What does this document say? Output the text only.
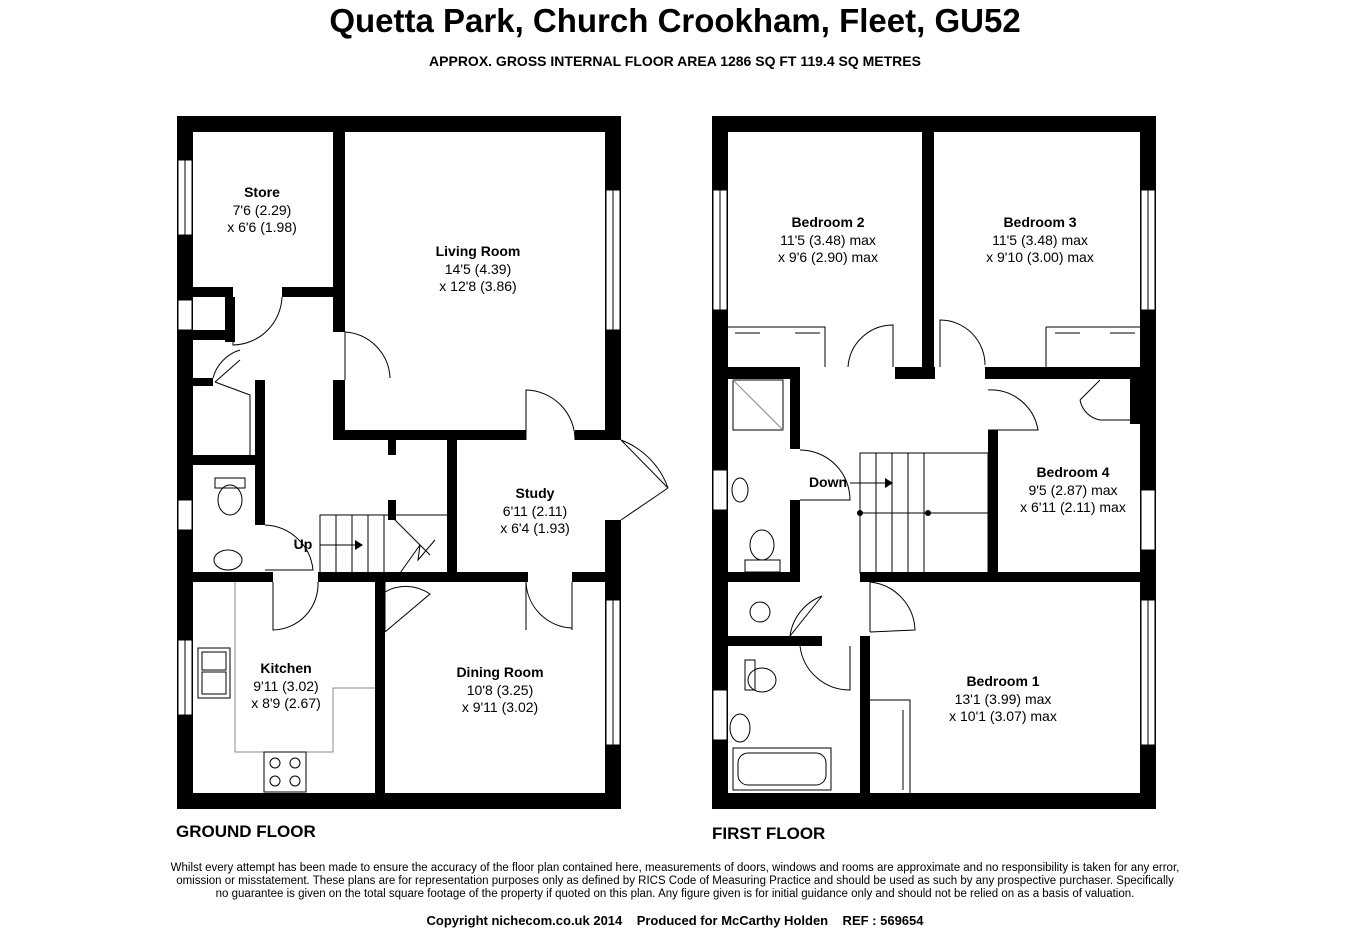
Quetta Park, Church Crookham, Fleet, GU52
APPROX. GROSS INTERNAL FLOOR AREA 1286 SQ FT 119.4 SQ METRES
Store
7'6 (2.29)
x 6'6 (1.98)
Living Room
14'5 (4.39)
x 12'8 (3.86)
Study
6'11 (2.11)
x 6'4 (1.93)
Kitchen
9'11 (3.02)
x 8'9 (2.67)
Dining Room
10'8 (3.25)
x 9'11 (3.02)
Up
Bedroom 2
11'5 (3.48) max
x 9'6 (2.90) max
Bedroom 3
11'5 (3.48) max
x 9'10 (3.00) max
Bedroom 4
9'5 (2.87) max
x 6'11 (2.11) max
Bedroom 1
13'1 (3.99) max
x 10'1 (3.07) max
Down
GROUND FLOOR	FIRST FLOOR
Whilst every attempt has been made to ensure the accuracy of the floor plan contained here, measurements of doors, windows and rooms are approximate and no responsibility is taken for any error,
omission or misstatement. These plans are for representation purposes only as defined by RICS Code of Measuring Practice and should be used as such by any prospective purchaser. Specifically
no guarantee is given on the total square footage of the property if quoted on this plan. Any figure given is for initial guidance only and should not be relied on as a basis of valuation.
Copyright nichecom.co.uk 2014    Produced for McCarthy Holden    REF : 569654
